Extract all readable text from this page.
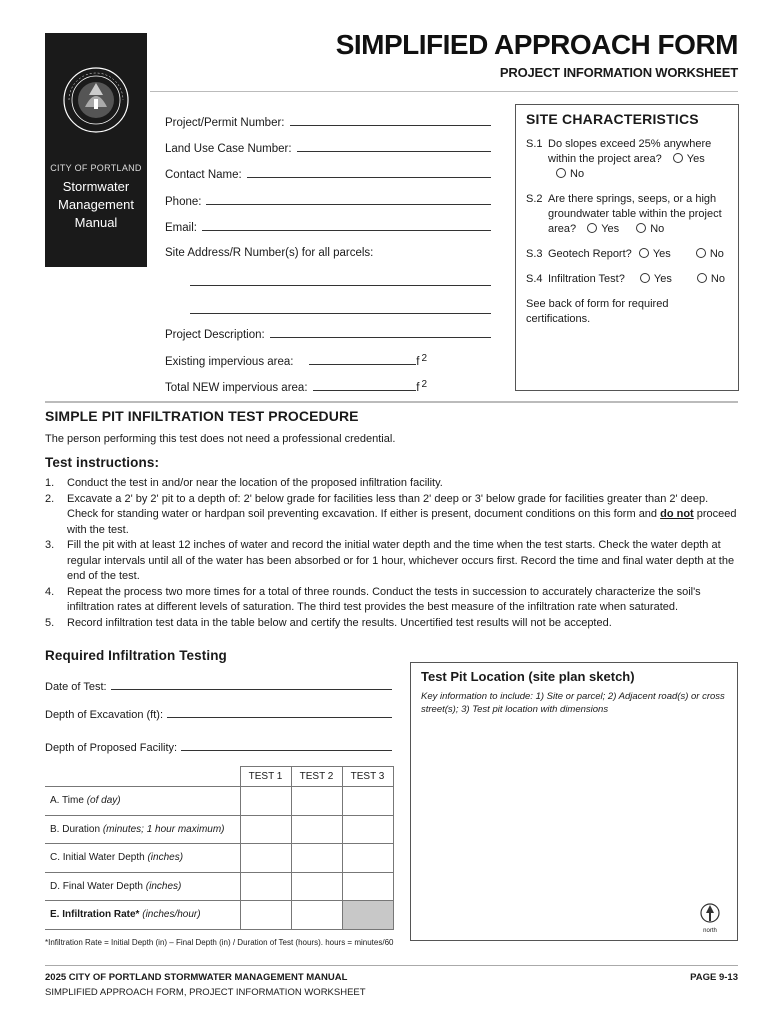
CITY OF PORTLAND
Stormwater
Management
Manual
SIMPLIFIED APPROACH FORM
PROJECT INFORMATION WORKSHEET
Project/Permit Number:
Land Use Case Number:
Contact Name:
Phone:
Email:
Site Address/R Number(s) for all parcels:
Project Description:
Existing impervious area:	f 2
Total NEW impervious area:	f 2
SITE CHARACTERISTICS
S.1 Do slopes exceed 25% anywhere within the project area? Yes No
S.2 Are there springs, seeps, or a high groundwater table within the project area? Yes	No
S.3 Geotech Report? Yes	No
S.4 Infiltration Test?	Yes	No
See back of form for required certifications.
SIMPLE PIT INFILTRATION TEST PROCEDURE
The person performing this test does not need a professional credential.
Test instructions:
1.	Conduct the test in and/or near the location of the proposed infiltration facility.
2.	Excavate a 2' by 2' pit to a depth of: 2' below grade for facilities less than 2' deep or 3' below grade for facilities greater than 2' deep. Check for standing water or hardpan soil preventing excavation. If either is present, document conditions on this form and do not proceed with the test.
3.	Fill the pit with at least 12 inches of water and record the initial water depth and the time when the test starts. Check the water depth at regular intervals until all of the water has been absorbed or for 1 hour, whichever occurs first. Record the time and final water depth at the end of the test.
4.	Repeat the process two more times for a total of three rounds. Conduct the tests in succession to accurately characterize the soil's infiltration rates at different levels of saturation. The third test provides the best measure of the infiltration rate when saturated.
5.	Record infiltration test data in the table below and certify the results. Uncertified test results will not be accepted.
Required Infiltration Testing
Date of Test:
Depth of Excavation (ft):
Depth of Proposed Facility:
	TEST 1	TEST 2	TEST 3
A. Time (of day)			
B. Duration (minutes; 1 hour maximum)			
C. Initial Water Depth (inches)			
D. Final Water Depth (inches)			
E. Infiltration Rate* (inches/hour)			
*Infiltration Rate = Initial Depth (in) – Final Depth (in) / Duration of Test (hours). hours = minutes/60
Test Pit Location (site plan sketch)
Key information to include: 1) Site or parcel; 2) Adjacent road(s) or cross street(s); 3) Test pit location with dimensions
north
2025 CITY OF PORTLAND STORMWATER MANAGEMENT MANUAL
SIMPLIFIED APPROACH FORM, PROJECT INFORMATION WORKSHEET
PAGE 9-13
